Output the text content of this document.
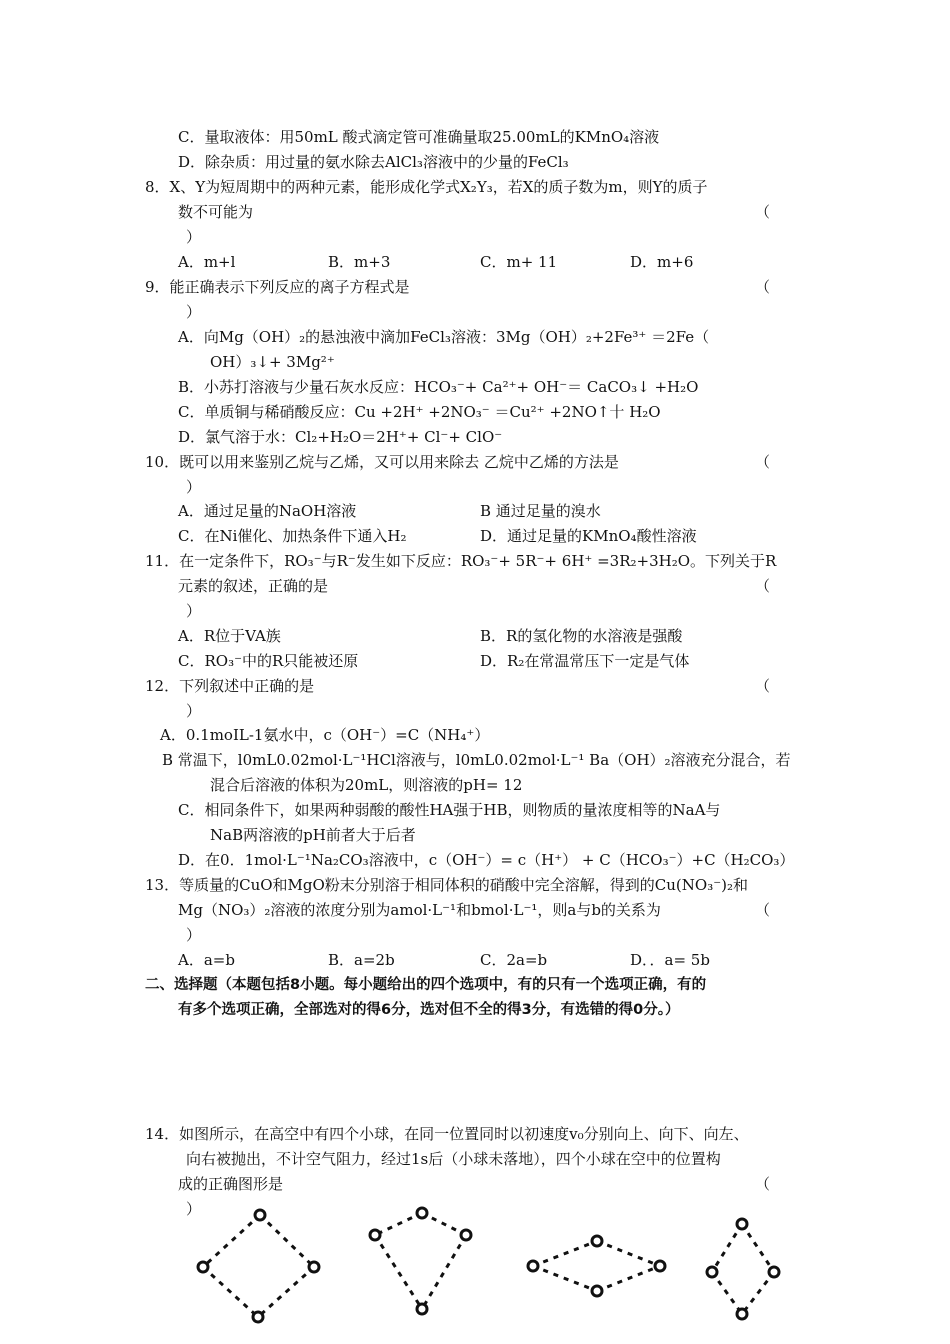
C．量取液体：用50mL 酸式滴定管可准确量取25.00mL的KMnO₄溶液
D．除杂质：用过量的氨水除去AlCl₃溶液中的少量的FeCl₃
8．X、Y为短周期中的两种元素，能形成化学式X₂Y₃，若X的质子数为m，则Y的质子
数不可能为	（
）
A．m+l	B．m+3	C．m+ 11	D．m+6
9．能正确表示下列反应的离子方程式是	（
）
A．向Mg（OH）₂的悬浊液中滴加FeCl₃溶液：3Mg（OH）₂+2Fe³⁺ ＝2Fe（
OH）₃↓+ 3Mg²⁺
B．小苏打溶液与少量石灰水反应：HCO₃⁻+ Ca²⁺+ OH⁻＝ CaCO₃↓ +H₂O
C．单质铜与稀硝酸反应：Cu +2H⁺ +2NO₃⁻ ＝Cu²⁺ +2NO↑十 H₂O
D．氯气溶于水：Cl₂+H₂O＝2H⁺+ Cl⁻+ ClO⁻
10．既可以用来鉴别乙烷与乙烯，又可以用来除去 乙烷中乙烯的方法是	（
）
A．通过足量的NaOH溶液	B 通过足量的溴水
C．在Ni催化、加热条件下通入H₂	D．通过足量的KMnO₄酸性溶液
11．在一定条件下，RO₃⁻与R⁻发生如下反应：RO₃⁻+ 5R⁻+ 6H⁺ =3R₂+3H₂O。下列关于R
元素的叙述，正确的是	（
）
A．R位于VA族	B．R的氢化物的水溶液是强酸
C．RO₃⁻中的R只能被还原	D．R₂在常温常压下一定是气体
12．下列叙述中正确的是	（
）
A．0.1moIL-1氨水中，c（OH⁻）=C（NH₄⁺）
B 常温下，l0mL0.02mol·L⁻¹HCl溶液与，l0mL0.02mol·L⁻¹ Ba（OH）₂溶液充分混合，若
混合后溶液的体积为20mL，则溶液的pH= 12
C．相同条件下，如果两种弱酸的酸性HA强于HB，则物质的量浓度相等的NaA与
NaB两溶液的pH前者大于后者
D．在0．1mol·L⁻¹Na₂CO₃溶液中，c（OH⁻）= c（H⁺） + C（HCO₃⁻）+C（H₂CO₃）
13．等质量的CuO和MgO粉末分别溶于相同体积的硝酸中完全溶解，得到的Cu(NO₃⁻)₂和
Mg（NO₃）₂溶液的浓度分别为amol·L⁻¹和bmol·L⁻¹，则a与b的关系为	（
）
A．a=b	B．a=2b	C．2a=b	D．．a= 5b
二、选择题（本题包括8小题。每小题给出的四个选项中，有的只有一个选项正确，有的
有多个选项正确，全部选对的得6分，选对但不全的得3分，有选错的得0分。）
14．如图所示，在高空中有四个小球，在同一位置同时以初速度v₀分别向上、向下、向左、
向右被抛出，不计空气阻力，经过1s后（小球未落地），四个小球在空中的位置构
成的正确图形是	（
）
